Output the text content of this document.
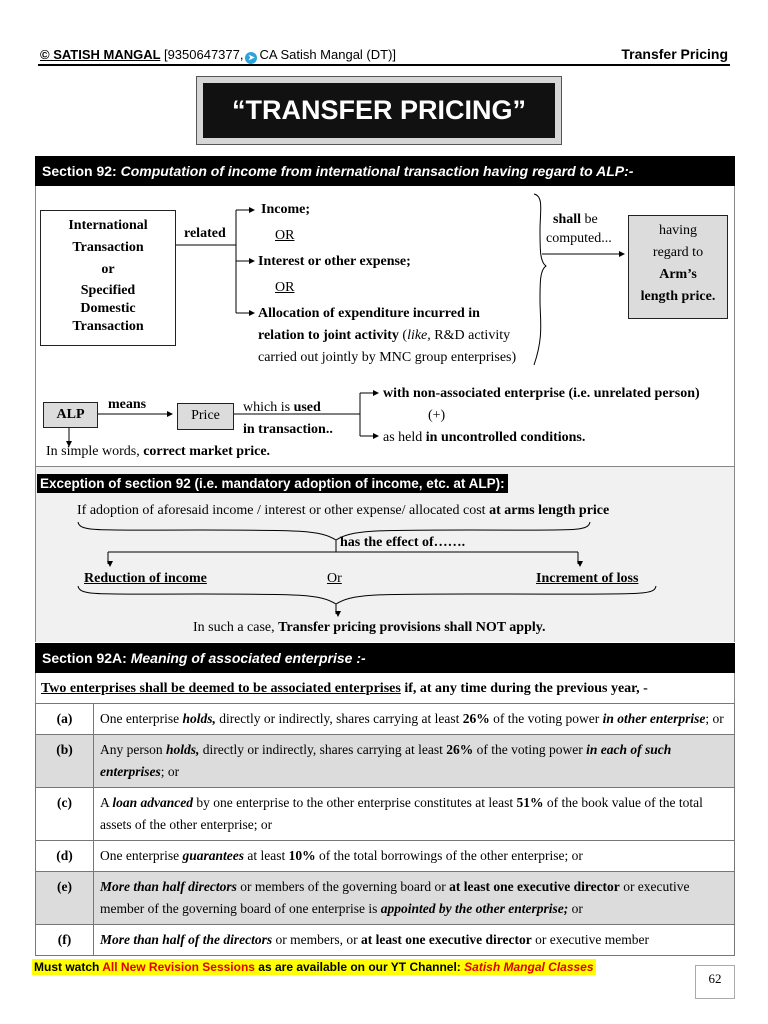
© SATISH MANGAL [9350647377, ➤ CA Satish Mangal (DT)]	Transfer Pricing
“TRANSFER PRICING”
Section 92: Computation of income from international transaction having regard to ALP:-
International
Transaction
or
Specified
Domestic
Transaction
related
Income;
OR
Interest or other expense;
OR
Allocation of expenditure incurred in
relation to joint activity (like, R&D activity
carried out jointly by MNC group enterprises)
shall be
computed...
having
regard to
Arm’s
length price.
ALP
means
Price
which is used
in transaction..
with non-associated enterprise (i.e. unrelated person)
(+)
as held in uncontrolled conditions.
In simple words, correct market price.
Exception of section 92 (i.e. mandatory adoption of income, etc. at ALP):
If adoption of aforesaid income / interest or other expense/ allocated cost at arms length price
has the effect of…….
Reduction of income	Or	Increment of loss
In such a case, Transfer pricing provisions shall NOT apply.
Section 92A: Meaning of associated enterprise :-
Two enterprises shall be deemed to be associated enterprises if, at any time during the previous year, -
(a)	One enterprise holds, directly or indirectly, shares carrying at least 26% of the voting power in other enterprise; or
(b)	Any person holds, directly or indirectly, shares carrying at least 26% of the voting power in each of such enterprises; or
(c)	A loan advanced by one enterprise to the other enterprise constitutes at least 51% of the book value of the total assets of the other enterprise; or
(d)	One enterprise guarantees at least 10% of the total borrowings of the other enterprise; or
(e)	More than half directors or members of the governing board or at least one executive director or executive member of the governing board of one enterprise is appointed by the other enterprise; or
(f)	More than half of the directors or members, or at least one executive director or executive member
Must watch All New Revision Sessions as are available on our YT Channel: Satish Mangal Classes
62
